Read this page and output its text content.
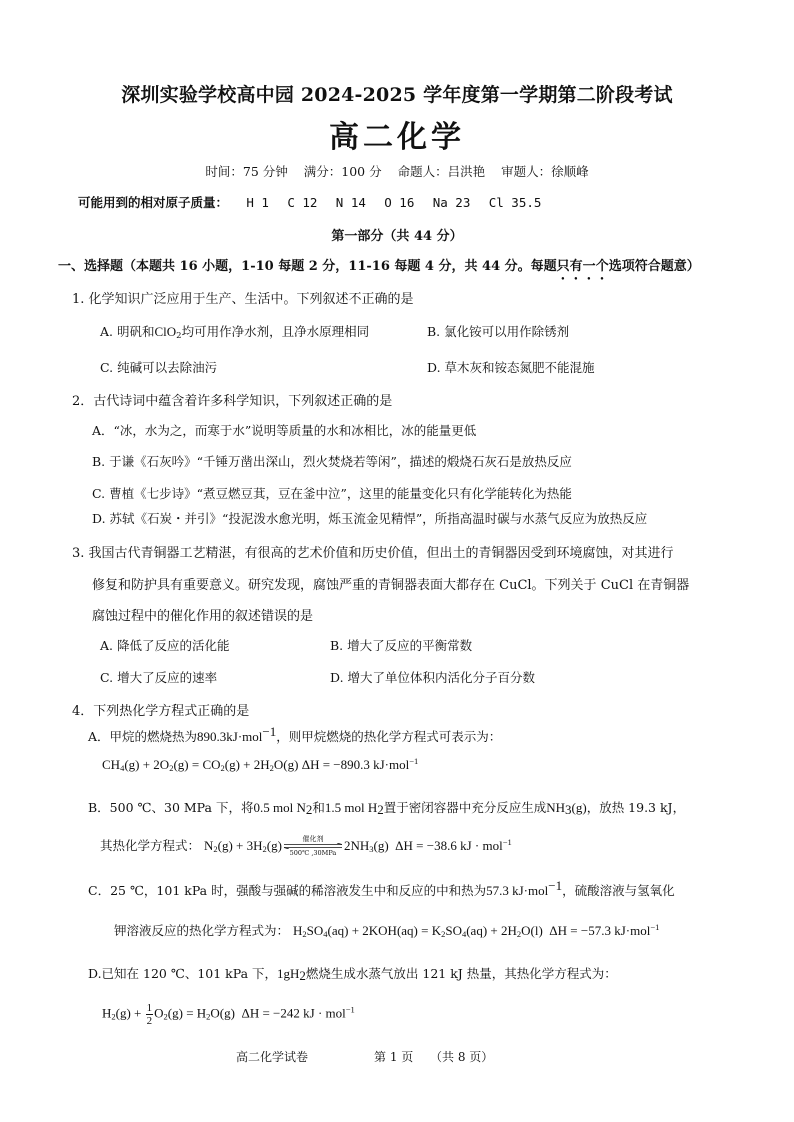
深圳实验学校高中园 2024-2025 学年度第一学期第二阶段考试
高二化学
时间：75 分钟 满分：100 分 命题人：吕洪艳 审题人：徐顺峰
可能用到的相对原子质量： H 1 C 12 N 14 O 16 Na 23 Cl 35.5
第一部分（共 44 分）
一、选择题（本题共 16 小题，1-10 每题 2 分，11-16 每题 4 分，共 44 分。每题只有一个选项符合题意）
1. 化学知识广泛应用于生产、生活中。下列叙述不正确的是
A. 明矾和ClO$_2$均可用作净水剂，且净水原理相同	B. 氯化铵可以用作除锈剂
C. 纯碱可以去除油污	D. 草木灰和铵态氮肥不能混施
2．古代诗词中蕴含着许多科学知识，下列叙述正确的是
A．“冰，水为之，而寒于水”说明等质量的水和冰相比，冰的能量更低
B. 于谦《石灰吟》“千锤万凿出深山，烈火焚烧若等闲”，描述的煅烧石灰石是放热反应
C. 曹植《七步诗》“煮豆燃豆萁，豆在釜中泣”，这里的能量变化只有化学能转化为热能
D. 苏轼《石炭・并引》“投泥泼水愈光明，烁玉流金见精悍”，所指高温时碳与水蒸气反应为放热反应
3. 我国古代青铜器工艺精湛，有很高的艺术价值和历史价值，但出土的青铜器因受到环境腐蚀，对其进行
修复和防护具有重要意义。研究发现，腐蚀严重的青铜器表面大都存在 CuCl。下列关于 CuCl 在青铜器
腐蚀过程中的催化作用的叙述错误的是
A. 降低了反应的活化能	B. 增大了反应的平衡常数
C. 增大了反应的速率	D. 增大了单位体积内活化分子百分数
4．下列热化学方程式正确的是
A．甲烷的燃烧热为890.3kJ·mol$^{-1}$，则甲烷燃烧的热化学方程式可表示为：
$CH_4(g) + 2O_2(g) = CO_2(g) + 2H_2O(g) \Delta H = -890.3$ kJ·mol$^{-1}$
B．500 ℃、30 MPa 下，将0.5 mol $N_2$和1.5 mol $H_2$置于密闭容器中充分反应生成$NH_3(g)$，放热 19.3 kJ，
其热化学方程式： $N_2(g) + 3H_2(g)$	催化剂
500℃ ,30MPa $2NH_3(g) \Delta H = -38.6$ kJ · mol$^{-1}$
C．25 ℃，101 kPa 时，强酸与强碱的稀溶液发生中和反应的中和热为57.3 kJ·mol$^{-1}$，硫酸溶液与氢氧化
钾溶液反应的热化学方程式为： $H_2SO_4(aq) + 2KOH(aq) = K_2SO_4(aq) + 2H_2O(l) \Delta H = -57.3$ kJ·mol$^{-1}$
D.已知在 120 ℃、101 kPa 下，$1gH_2$燃烧生成水蒸气放出 121 kJ 热量，其热化学方程式为：
$H_2(g) + \frac{1}{2} O_2(g) = H_2O(g) \Delta H = -242$ kJ · mol$^{-1}$
高二化学试卷	第 1 页 （共 8 页）
